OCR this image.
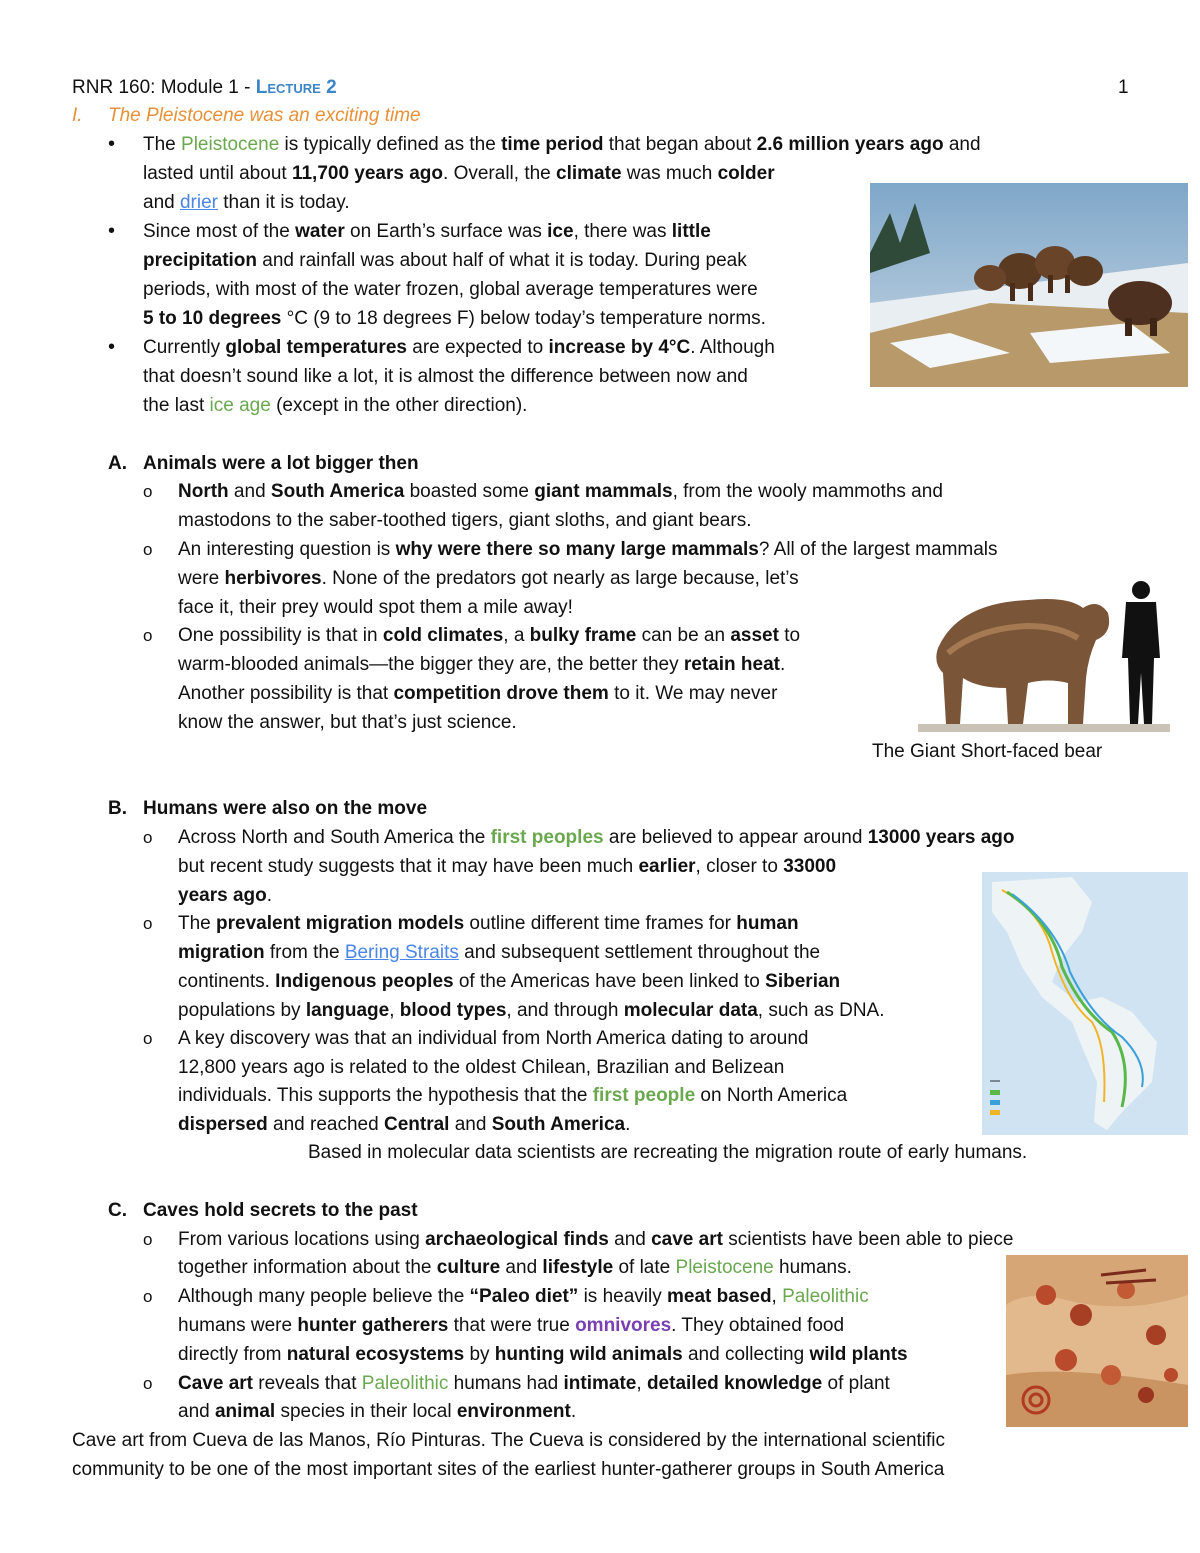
RNR 160: Module 1 - Lecture 2	1
I. The Pleistocene was an exciting time
• The Pleistocene is typically defined as the time period that began about 2.6 million years ago and
lasted until about 11,700 years ago. Overall, the climate was much colder
and drier than it is today.
• Since most of the water on Earth’s surface was ice, there was little
precipitation and rainfall was about half of what it is today. During peak
periods, with most of the water frozen, global average temperatures were
5 to 10 degrees °C (9 to 18 degrees F) below today’s temperature norms.
• Currently global temperatures are expected to increase by 4°C. Although
that doesn’t sound like a lot, it is almost the difference between now and
the last ice age (except in the other direction).
A. Animals were a lot bigger then
o North and South America boasted some giant mammals, from the wooly mammoths and
mastodons to the saber-toothed tigers, giant sloths, and giant bears.
o An interesting question is why were there so many large mammals? All of the largest mammals
were herbivores. None of the predators got nearly as large because, let’s
face it, their prey would spot them a mile away!
o One possibility is that in cold climates, a bulky frame can be an asset to
warm-blooded animals—the bigger they are, the better they retain heat.
Another possibility is that competition drove them to it. We may never
know the answer, but that’s just science.
The Giant Short-faced bear
B. Humans were also on the move
o Across North and South America the first peoples are believed to appear around 13000 years ago
but recent study suggests that it may have been much earlier, closer to 33000
years ago.
o The prevalent migration models outline different time frames for human
migration from the Bering Straits and subsequent settlement throughout the
continents. Indigenous peoples of the Americas have been linked to Siberian
populations by language, blood types, and through molecular data, such as DNA.
o A key discovery was that an individual from North America dating to around
12,800 years ago is related to the oldest Chilean, Brazilian and Belizean
individuals. This supports the hypothesis that the first people on North America
dispersed and reached Central and South America.
Based in molecular data scientists are recreating the migration route of early humans.
C. Caves hold secrets to the past
o From various locations using archaeological finds and cave art scientists have been able to piece
together information about the culture and lifestyle of late Pleistocene humans.
o Although many people believe the “Paleo diet” is heavily meat based, Paleolithic
humans were hunter gatherers that were true omnivores. They obtained food
directly from natural ecosystems by hunting wild animals and collecting wild plants
o Cave art reveals that Paleolithic humans had intimate, detailed knowledge of plant
and animal species in their local environment.
Cave art from Cueva de las Manos, Río Pinturas. The Cueva is considered by the international scientific
community to be one of the most important sites of the earliest hunter-gatherer groups in South America
